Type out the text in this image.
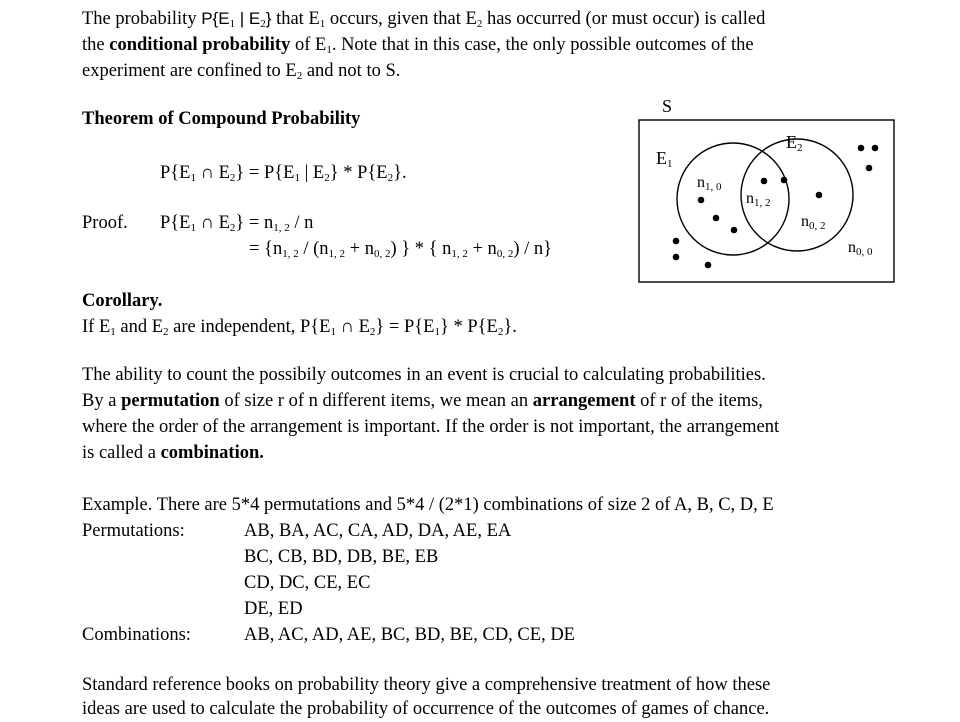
The probability $P\{E_1$ | $E_2$} that $E_1$ occurs, given that $E_2$ has occurred (or must occur) is called

the conditional probability of $E_1$. Note that in this case, the only possible outcomes of the

experiment are confined to $E_2$ and not to S.

Theorem of Compound Probability

$P\{E_1$ ∩ $E_2\} = P\{E_1$ | $E_2\} * P\{E_2\}$.

Proof. $P\{E_1$ ∩ $E_2\} = n_{1, 2} / n$

= {$n_{1, 2} / (n_{1, 2} + n_{0, 2})$ } * { $n_{1, 2} + n_{0, 2}) / n$}

Corollary.

If $E_1$ and $E_2$ are independent, $P\{E_1$ ∩ $E_2\} = P\{E_1\} * P\{E_2\}$.

The ability to count the possibily outcomes in an event is crucial to calculating probabilities.

By a permutation of size r of n different items, we mean an arrangement of r of the items,

where the order of the arrangement is important. If the order is not important, the arrangement

is called a combination.

Example. There are 5*4 permutations and 5*4 / (2*1) combinations of size 2 of A, B, C, D, E

Permutations:	AB, BA, AC, CA, AD, DA, AE, EA

BC, CB, BD, DB, BE, EB

CD, DC, CE, EC

DE, ED

Combinations:	AB, AC, AD, AE, BC, BD, BE, CD, CE, DE

Standard reference books on probability theory give a comprehensive treatment of how these

ideas are used to calculate the probability of occurrence of the outcomes of games of chance.

S
$E_1$
$E_2$
$n_{1, 0}$
$n_{1, 2}$
$n_{0, 2}$
$n_{0, 0}$
